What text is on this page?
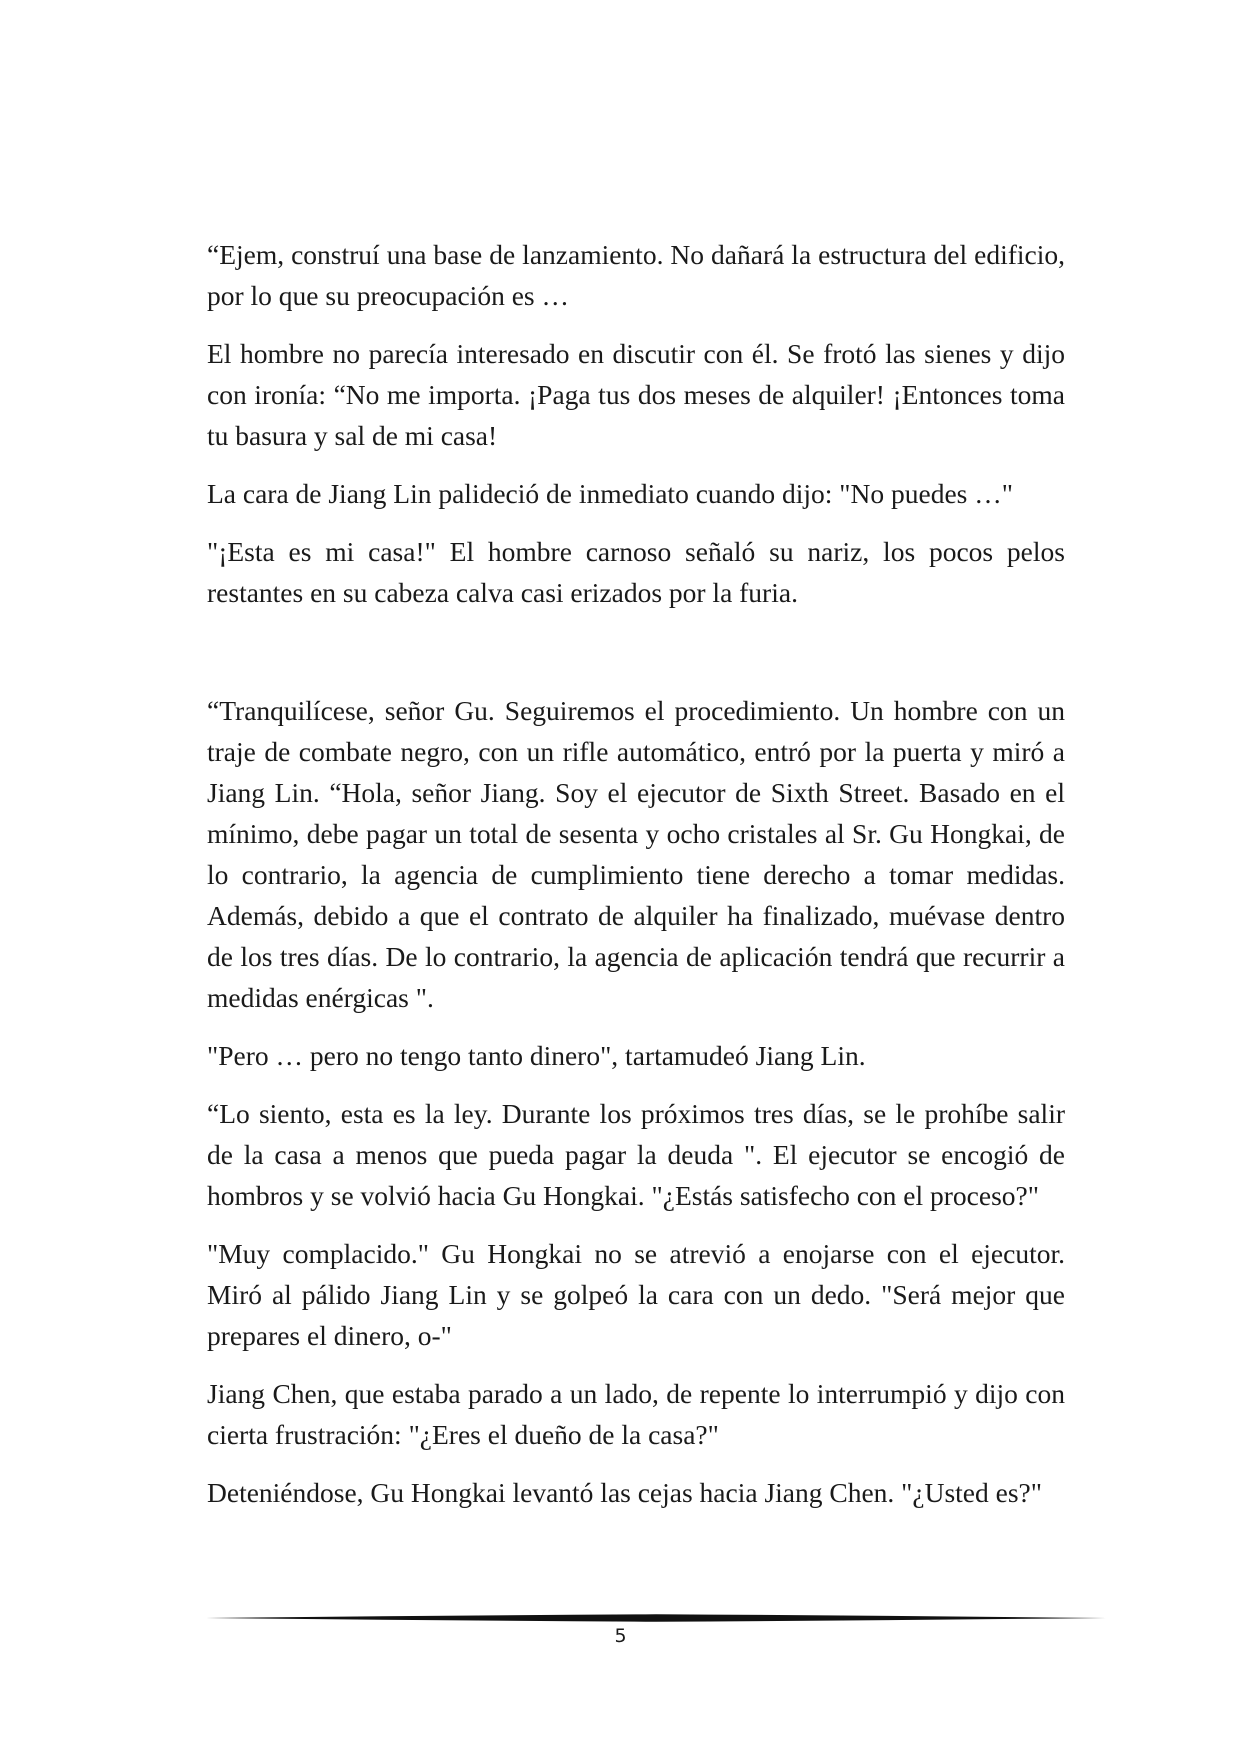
“Ejem, construí una base de lanzamiento. No dañará la estructura del edificio, por lo que su preocupación es …

El hombre no parecía interesado en discutir con él. Se frotó las sienes y dijo con ironía: “No me importa. ¡Paga tus dos meses de alquiler! ¡Entonces toma tu basura y sal de mi casa!

La cara de Jiang Lin palideció de inmediato cuando dijo: "No puedes …"

"¡Esta es mi casa!" El hombre carnoso señaló su nariz, los pocos pelos restantes en su cabeza calva casi erizados por la furia.

“Tranquilícese, señor Gu. Seguiremos el procedimiento. Un hombre con un traje de combate negro, con un rifle automático, entró por la puerta y miró a Jiang Lin. “Hola, señor Jiang. Soy el ejecutor de Sixth Street. Basado en el mínimo, debe pagar un total de sesenta y ocho cristales al Sr. Gu Hongkai, de lo contrario, la agencia de cumplimiento tiene derecho a tomar medidas. Además, debido a que el contrato de alquiler ha finalizado, muévase dentro de los tres días. De lo contrario, la agencia de aplicación tendrá que recurrir a medidas enérgicas ".

"Pero … pero no tengo tanto dinero", tartamudeó Jiang Lin.

“Lo siento, esta es la ley. Durante los próximos tres días, se le prohíbe salir de la casa a menos que pueda pagar la deuda ". El ejecutor se encogió de hombros y se volvió hacia Gu Hongkai. "¿Estás satisfecho con el proceso?"

"Muy complacido." Gu Hongkai no se atrevió a enojarse con el ejecutor. Miró al pálido Jiang Lin y se golpeó la cara con un dedo. "Será mejor que prepares el dinero, o-"

Jiang Chen, que estaba parado a un lado, de repente lo interrumpió y dijo con cierta frustración: "¿Eres el dueño de la casa?"

Deteniéndose, Gu Hongkai levantó las cejas hacia Jiang Chen. "¿Usted es?"

5
